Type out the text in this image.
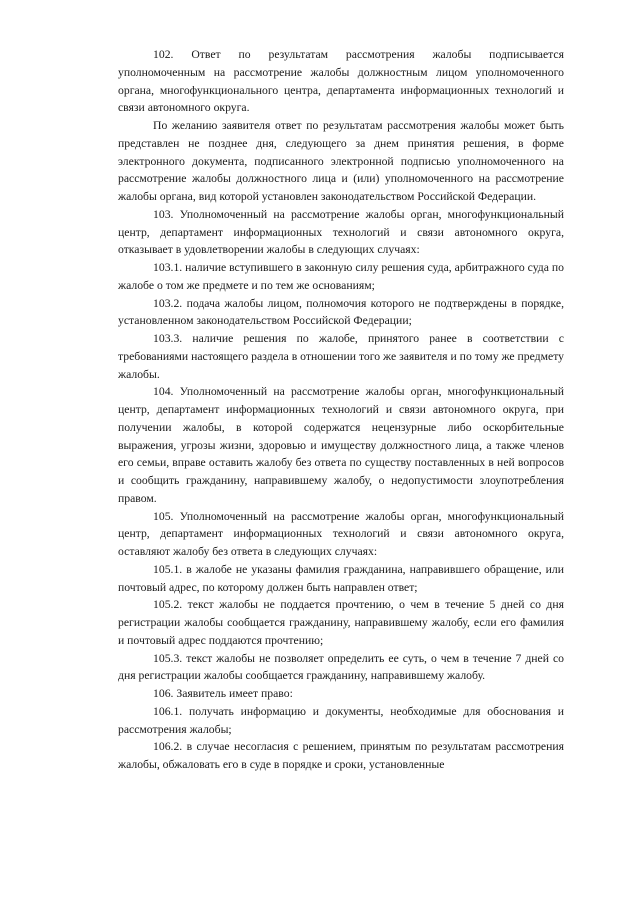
102. Ответ по результатам рассмотрения жалобы подписывается уполномоченным на рассмотрение жалобы должностным лицом уполномоченного органа, многофункционального центра, департамента информационных технологий и связи автономного округа.

По желанию заявителя ответ по результатам рассмотрения жалобы может быть представлен не позднее дня, следующего за днем принятия решения, в форме электронного документа, подписанного электронной подписью уполномоченного на рассмотрение жалобы должностного лица и (или) уполномоченного на рассмотрение жалобы органа, вид которой установлен законодательством Российской Федерации.

103. Уполномоченный на рассмотрение жалобы орган, многофункциональный центр, департамент информационных технологий и связи автономного округа, отказывает в удовлетворении жалобы в следующих случаях:

103.1. наличие вступившего в законную силу решения суда, арбитражного суда по жалобе о том же предмете и по тем же основаниям;

103.2. подача жалобы лицом, полномочия которого не подтверждены в порядке, установленном законодательством Российской Федерации;

103.3. наличие решения по жалобе, принятого ранее в соответствии с требованиями настоящего раздела в отношении того же заявителя и по тому же предмету жалобы.

104. Уполномоченный на рассмотрение жалобы орган, многофункциональный центр, департамент информационных технологий и связи автономного округа, при получении жалобы, в которой содержатся нецензурные либо оскорбительные выражения, угрозы жизни, здоровью и имуществу должностного лица, а также членов его семьи, вправе оставить жалобу без ответа по существу поставленных в ней вопросов и сообщить гражданину, направившему жалобу, о недопустимости злоупотребления правом.

105. Уполномоченный на рассмотрение жалобы орган, многофункциональный центр, департамент информационных технологий и связи автономного округа, оставляют жалобу без ответа в следующих случаях:

105.1. в жалобе не указаны фамилия гражданина, направившего обращение, или почтовый адрес, по которому должен быть направлен ответ;

105.2. текст жалобы не поддается прочтению, о чем в течение 5 дней со дня регистрации жалобы сообщается гражданину, направившему жалобу, если его фамилия и почтовый адрес поддаются прочтению;

105.3. текст жалобы не позволяет определить ее суть, о чем в течение 7 дней со дня регистрации жалобы сообщается гражданину, направившему жалобу.

106. Заявитель имеет право:

106.1. получать информацию и документы, необходимые для обоснования и рассмотрения жалобы;

106.2. в случае несогласия с решением, принятым по результатам рассмотрения жалобы, обжаловать его в суде в порядке и сроки, установленные
